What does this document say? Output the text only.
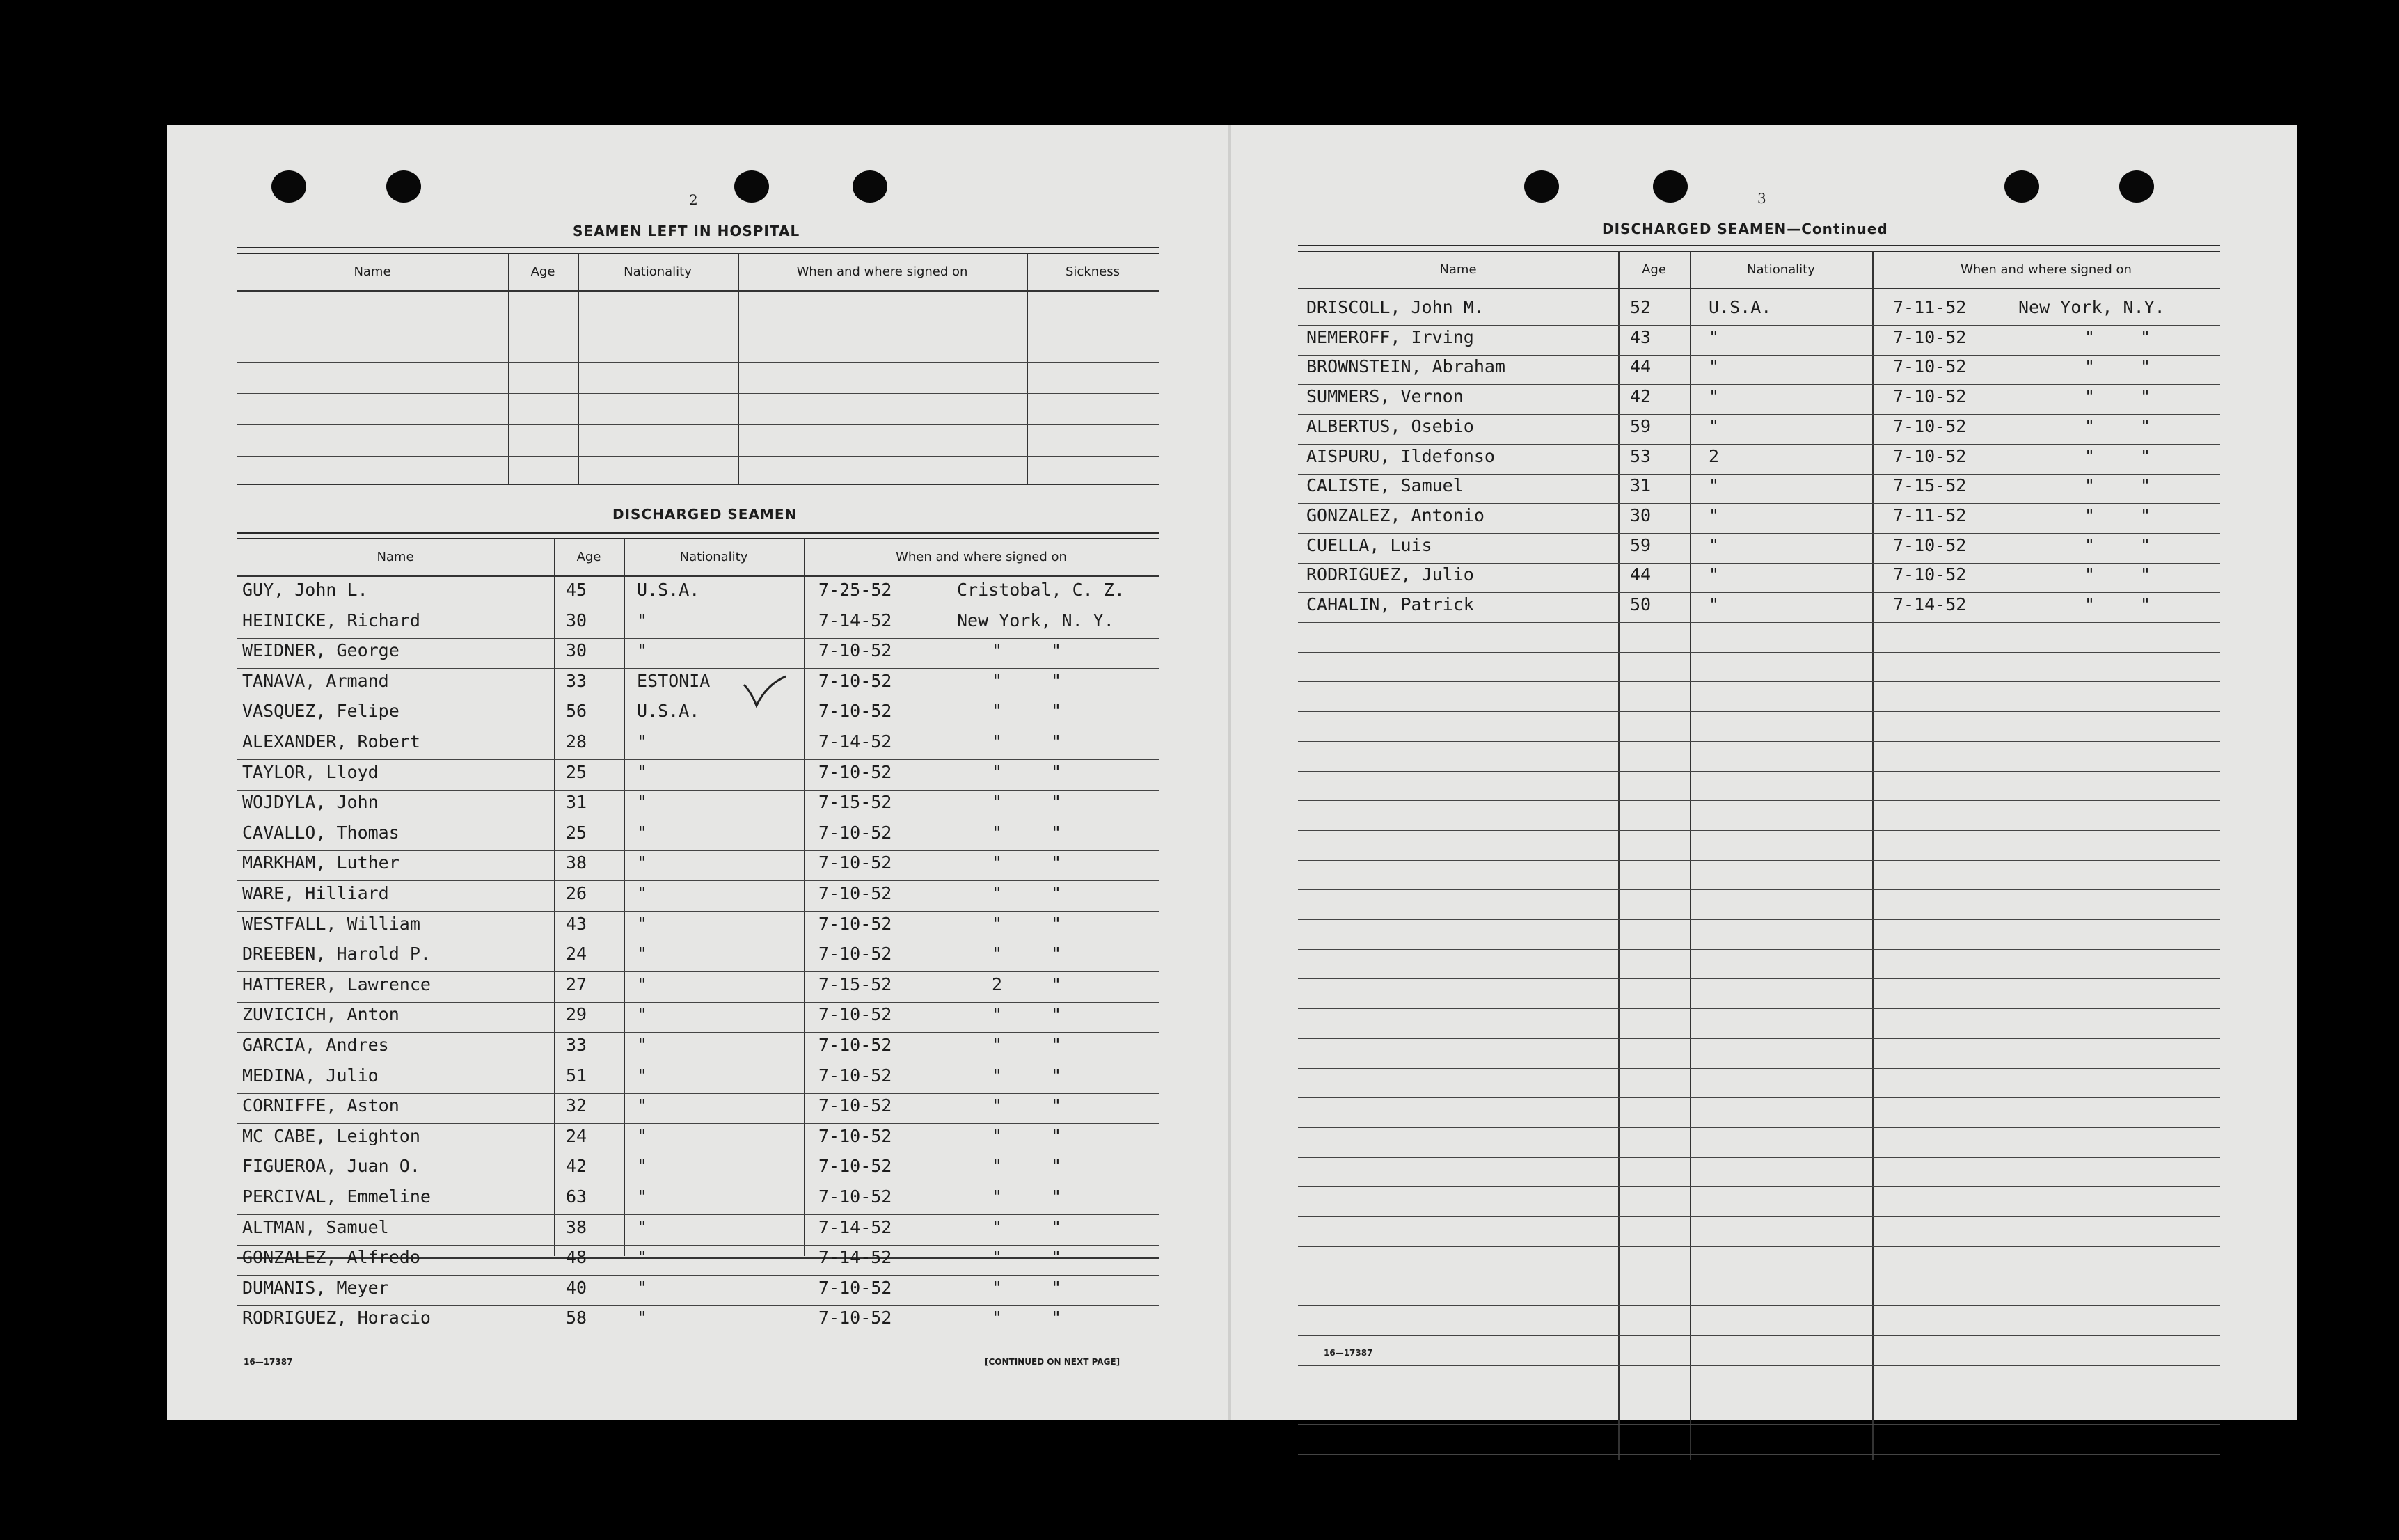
2
SEAMEN LEFT IN HOSPITAL
Name	Age	Nationality	When and where signed on	Sickness
DISCHARGED SEAMEN
Name	Age	Nationality	When and where signed on
GUY, John L.	45	U.S.A.	7-25-52	Cristobal, C. Z.
HEINICKE, Richard	30	"	7-14-52	New York, N. Y.
WEIDNER, George	30	"	7-10-52	"	"
TANAVA, Armand	33	ESTONIA	7-10-52	"	"
VASQUEZ, Felipe	56	U.S.A.	7-10-52	"	"
ALEXANDER, Robert	28	"	7-14-52	"	"
TAYLOR, Lloyd	25	"	7-10-52	"	"
WOJDYLA, John	31	"	7-15-52	"	"
CAVALLO, Thomas	25	"	7-10-52	"	"
MARKHAM, Luther	38	"	7-10-52	"	"
WARE, Hilliard	26	"	7-10-52	"	"
WESTFALL, William	43	"	7-10-52	"	"
DREEBEN, Harold P.	24	"	7-10-52	"	"
HATTERER, Lawrence	27	"	7-15-52	2	"
ZUVICICH, Anton	29	"	7-10-52	"	"
GARCIA, Andres	33	"	7-10-52	"	"
MEDINA, Julio	51	"	7-10-52	"	"
CORNIFFE, Aston	32	"	7-10-52	"	"
MC CABE, Leighton	24	"	7-10-52	"	"
FIGUEROA, Juan O.	42	"	7-10-52	"	"
PERCIVAL, Emmeline	63	"	7-10-52	"	"
ALTMAN, Samuel	38	"	7-14-52	"	"
GONZALEZ, Alfredo	48	"	7-14-52	"	"
DUMANIS, Meyer	40	"	7-10-52	"	"
RODRIGUEZ, Horacio	58	"	7-10-52	"	"
16—17387	[CONTINUED ON NEXT PAGE]
3
DISCHARGED SEAMEN—Continued
Name	Age	Nationality	When and where signed on
DRISCOLL, John M.	52	U.S.A.	7-11-52	New York, N.Y.
NEMEROFF, Irving	43	"	7-10-52	"	"
BROWNSTEIN, Abraham	44	"	7-10-52	"	"
SUMMERS, Vernon	42	"	7-10-52	"	"
ALBERTUS, Osebio	59	"	7-10-52	"	"
AISPURU, Ildefonso	53	2	7-10-52	"	"
CALISTE, Samuel	31	"	7-15-52	"	"
GONZALEZ, Antonio	30	"	7-11-52	"	"
CUELLA, Luis	59	"	7-10-52	"	"
RODRIGUEZ, Julio	44	"	7-10-52	"	"
CAHALIN, Patrick	50	"	7-14-52	"	"
16—17387
